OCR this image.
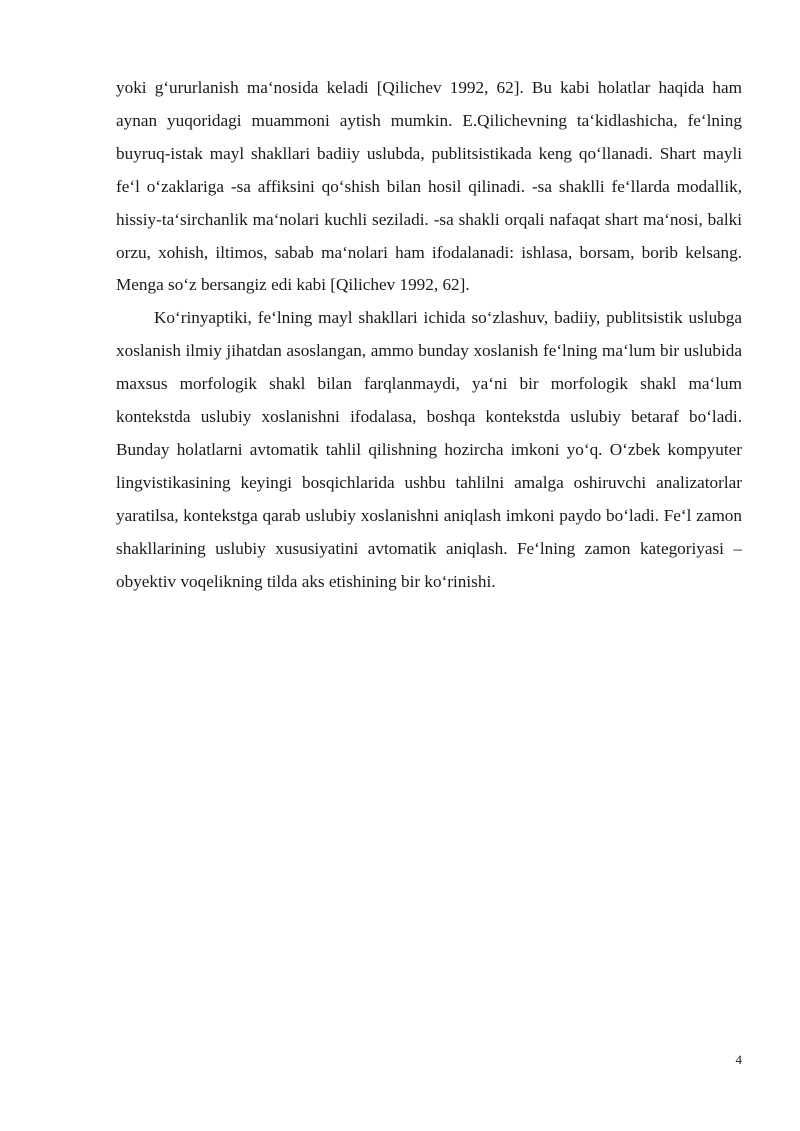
yoki gʻururlanish maʻnosida keladi [Qilichev 1992, 62]. Bu kabi holatlar haqida ham aynan yuqoridagi muammoni aytish mumkin. E.Qilichevning taʻkidlashicha, feʻlning buyruq-istak mayl shakllari badiiy uslubda, publitsistikada keng qoʻllanadi. Shart mayli feʻl oʻzaklariga -sa affiksini qoʻshish bilan hosil qilinadi. -sa shaklli feʻllarda modallik, hissiy-taʻsirchanlik maʻnolari kuchli seziladi. -sa shakli orqali nafaqat shart maʻnosi, balki orzu, xohish, iltimos, sabab maʻnolari ham ifodalanadi: ishlasa, borsam, borib kelsang. Menga soʻz bersangiz edi kabi [Qilichev 1992, 62].

Koʻrinyaptiki, feʻlning mayl shakllari ichida soʻzlashuv, badiiy, publitsistik uslubga xoslanish ilmiy jihatdan asoslangan, ammo bunday xoslanish feʻlning maʻlum bir uslubida maxsus morfologik shakl bilan farqlanmaydi, yaʻni bir morfologik shakl maʻlum kontekstda uslubiy xoslanishni ifodalasa, boshqa kontekstda uslubiy betaraf boʻladi. Bunday holatlarni avtomatik tahlil qilishning hozircha imkoni yoʻq. Oʻzbek kompyuter lingvistikasining keyingi bosqichlarida ushbu tahlilni amalga oshiruvchi analizatorlar yaratilsa, kontekstga qarab uslubiy xoslanishni aniqlash imkoni paydo boʻladi. Feʻl zamon shakllarining uslubiy xususiyatini avtomatik aniqlash. Feʻlning zamon kategoriyasi – obyektiv voqelikning tilda aks etishining bir koʻrinishi.

4
